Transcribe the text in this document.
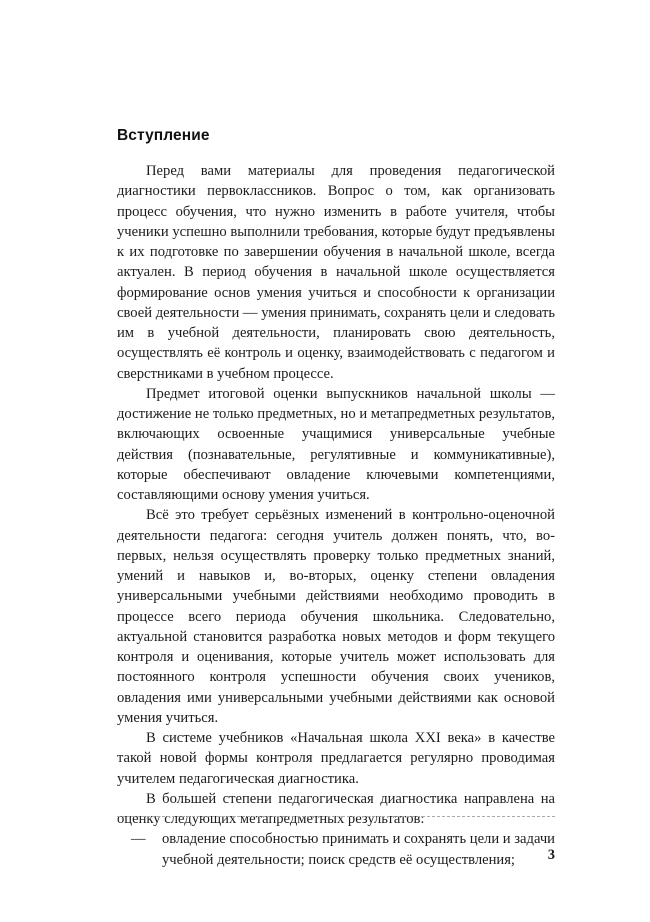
Вступление

Перед вами материалы для проведения педагогической диагностики первоклассников. Вопрос о том, как организовать процесс обучения, что нужно изменить в работе учителя, чтобы ученики успешно выполнили требования, которые будут предъявлены к их подготовке по завершении обучения в начальной школе, всегда актуален. В период обучения в начальной школе осуществляется формирование основ умения учиться и способности к организации своей деятельности — умения принимать, сохранять цели и следовать им в учебной деятельности, планировать свою деятельность, осуществлять её контроль и оценку, взаимодействовать с педагогом и сверстниками в учебном процессе.

Предмет итоговой оценки выпускников начальной школы — достижение не только предметных, но и метапредметных результатов, включающих освоенные учащимися универсальные учебные действия (познавательные, регулятивные и коммуникативные), которые обеспечивают овладение ключевыми компетенциями, составляющими основу умения учиться.

Всё это требует серьёзных изменений в контрольно-оценочной деятельности педагога: сегодня учитель должен понять, что, во-первых, нельзя осуществлять проверку только предметных знаний, умений и навыков и, во-вторых, оценку степени овладения универсальными учебными действиями необходимо проводить в процессе всего периода обучения школьника. Следовательно, актуальной становится разработка новых методов и форм текущего контроля и оценивания, которые учитель может использовать для постоянного контроля успешности обучения своих учеников, овладения ими универсальными учебными действиями как основой умения учиться.

В системе учебников «Начальная школа XXI века» в качестве такой новой формы контроля предлагается регулярно проводимая учителем педагогическая диагностика.

В большей степени педагогическая диагностика направлена на оценку следующих метапредметных результатов:

— овладение способностью принимать и сохранять цели и задачи учебной деятельности; поиск средств её осуществления;	3
